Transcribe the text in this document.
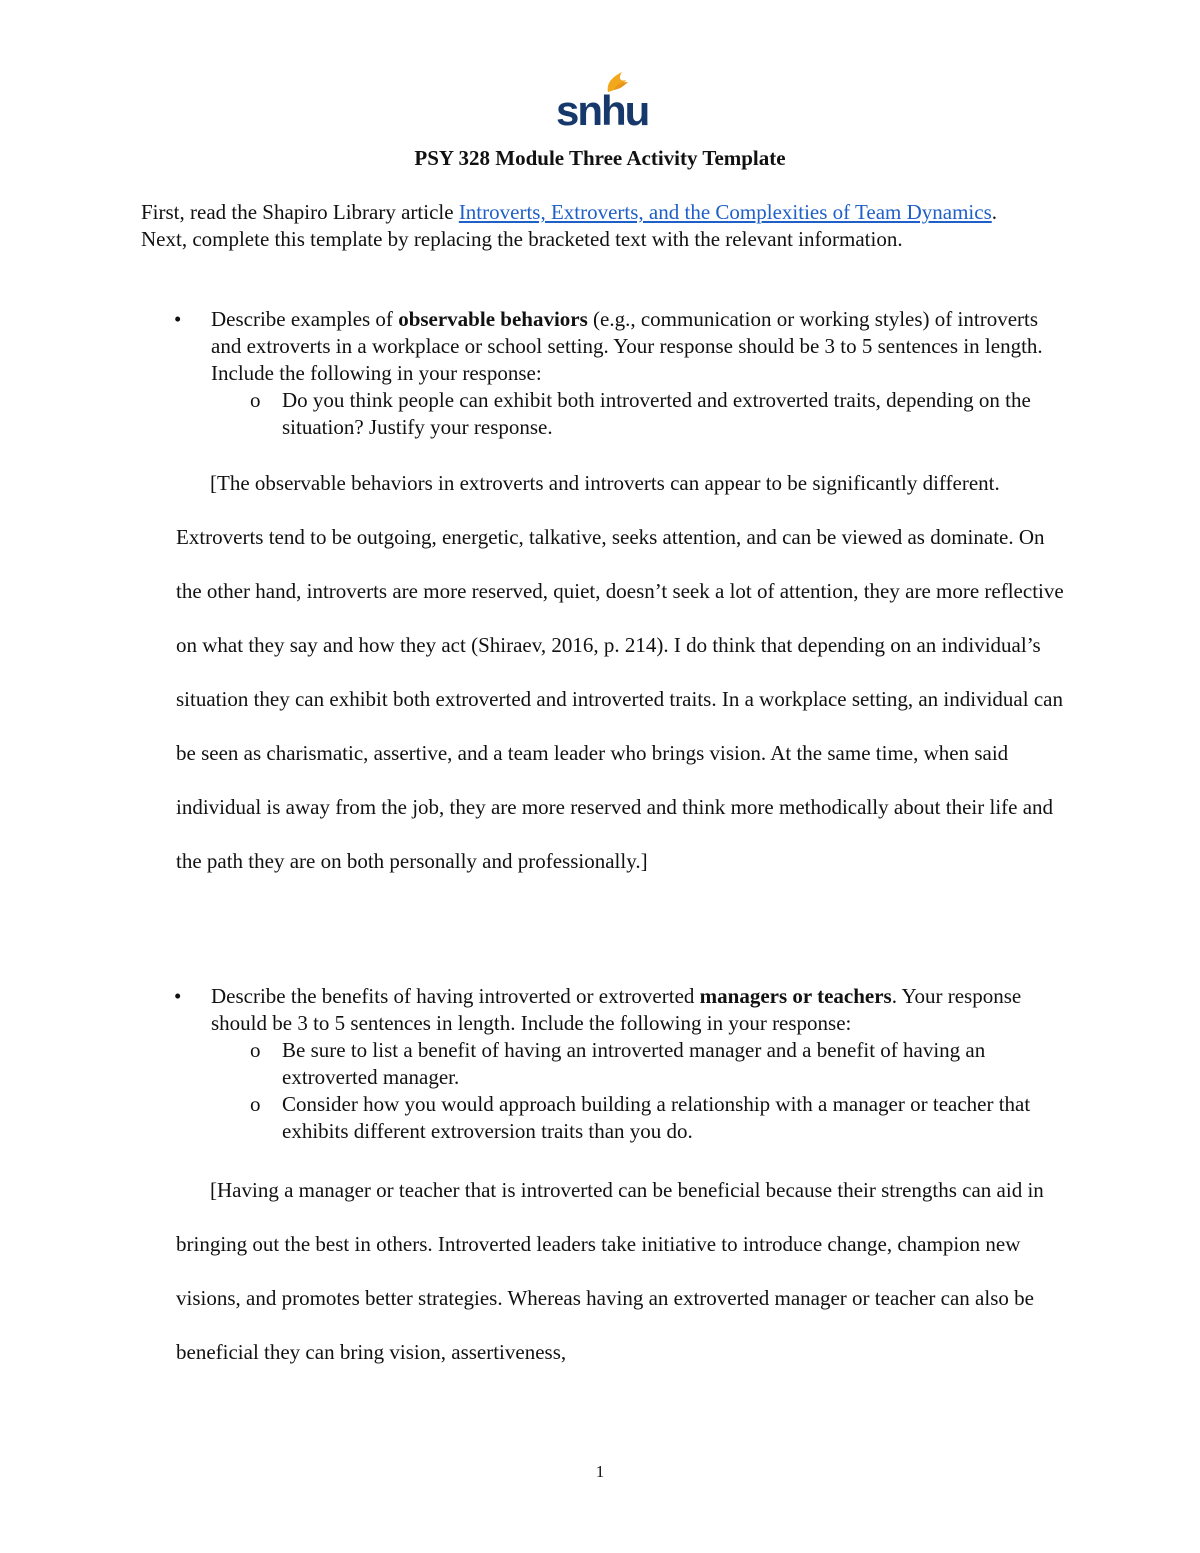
snhu
PSY 328 Module Three Activity Template
First, read the Shapiro Library article Introverts, Extroverts, and the Complexities of Team Dynamics. Next, complete this template by replacing the bracketed text with the relevant information.
• Describe examples of observable behaviors (e.g., communication or working styles) of introverts and extroverts in a workplace or school setting. Your response should be 3 to 5 sentences in length. Include the following in your response:
o Do you think people can exhibit both introverted and extroverted traits, depending on the situation? Justify your response.
[The observable behaviors in extroverts and introverts can appear to be significantly different. Extroverts tend to be outgoing, energetic, talkative, seeks attention, and can be viewed as dominate. On the other hand, introverts are more reserved, quiet, doesn’t seek a lot of attention, they are more reflective on what they say and how they act (Shiraev, 2016, p. 214). I do think that depending on an individual’s situation they can exhibit both extroverted and introverted traits. In a workplace setting, an individual can be seen as charismatic, assertive, and a team leader who brings vision. At the same time, when said individual is away from the job, they are more reserved and think more methodically about their life and the path they are on both personally and professionally.]
• Describe the benefits of having introverted or extroverted managers or teachers. Your response should be 3 to 5 sentences in length. Include the following in your response:
o Be sure to list a benefit of having an introverted manager and a benefit of having an extroverted manager.
o Consider how you would approach building a relationship with a manager or teacher that exhibits different extroversion traits than you do.
[Having a manager or teacher that is introverted can be beneficial because their strengths can aid in bringing out the best in others. Introverted leaders take initiative to introduce change, champion new visions, and promotes better strategies. Whereas having an extroverted manager or teacher can also be beneficial they can bring vision, assertiveness,
1
